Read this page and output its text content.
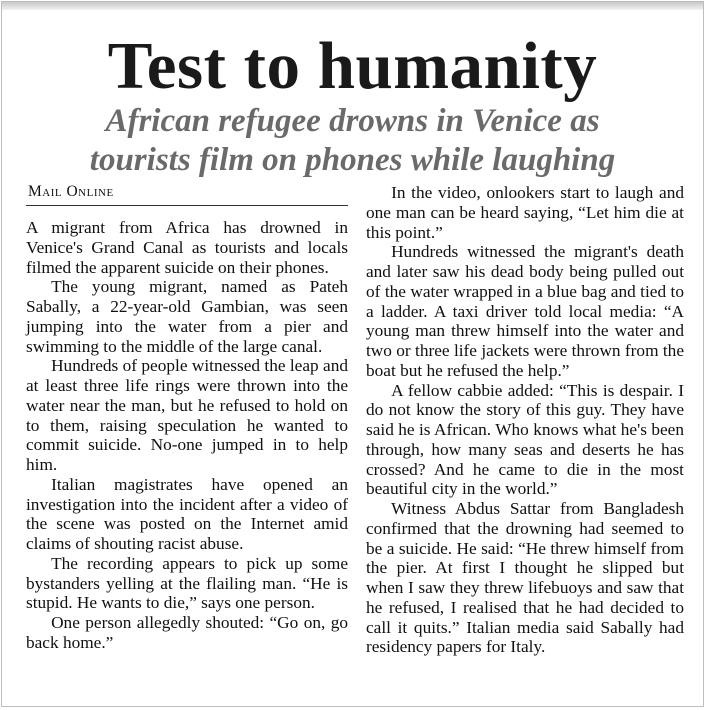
Test to humanity
African refugee drowns in Venice as
tourists film on phones while laughing
Mail Online

A migrant from Africa has drowned in Venice's Grand Canal as tourists and locals filmed the apparent suicide on their phones.

The young migrant, named as Pateh Sabally, a 22-year-old Gambian, was seen jumping into the water from a pier and swimming to the middle of the large canal.

Hundreds of people witnessed the leap and at least three life rings were thrown into the water near the man, but he refused to hold on to them, raising speculation he wanted to commit suicide. No-one jumped in to help him.

Italian magistrates have opened an investigation into the incident after a video of the scene was posted on the Internet amid claims of shouting racist abuse.

The recording appears to pick up some bystanders yelling at the flailing man. “He is stupid. He wants to die,” says one person.

One person allegedly shouted: “Go on, go back home.”

In the video, onlookers start to laugh and one man can be heard saying, “Let him die at this point.”

Hundreds witnessed the migrant's death and later saw his dead body being pulled out of the water wrapped in a blue bag and tied to a ladder. A taxi driver told local media: “A young man threw himself into the water and two or three life jackets were thrown from the boat but he refused the help.”

A fellow cabbie added: “This is despair. I do not know the story of this guy. They have said he is African. Who knows what he's been through, how many seas and deserts he has crossed? And he came to die in the most beautiful city in the world.”

Witness Abdus Sattar from Bangladesh confirmed that the drowning had seemed to be a suicide. He said: “He threw himself from the pier. At first I thought he slipped but when I saw they threw lifebuoys and saw that he refused, I realised that he had decided to call it quits.” Italian media said Sabally had residency papers for Italy.
